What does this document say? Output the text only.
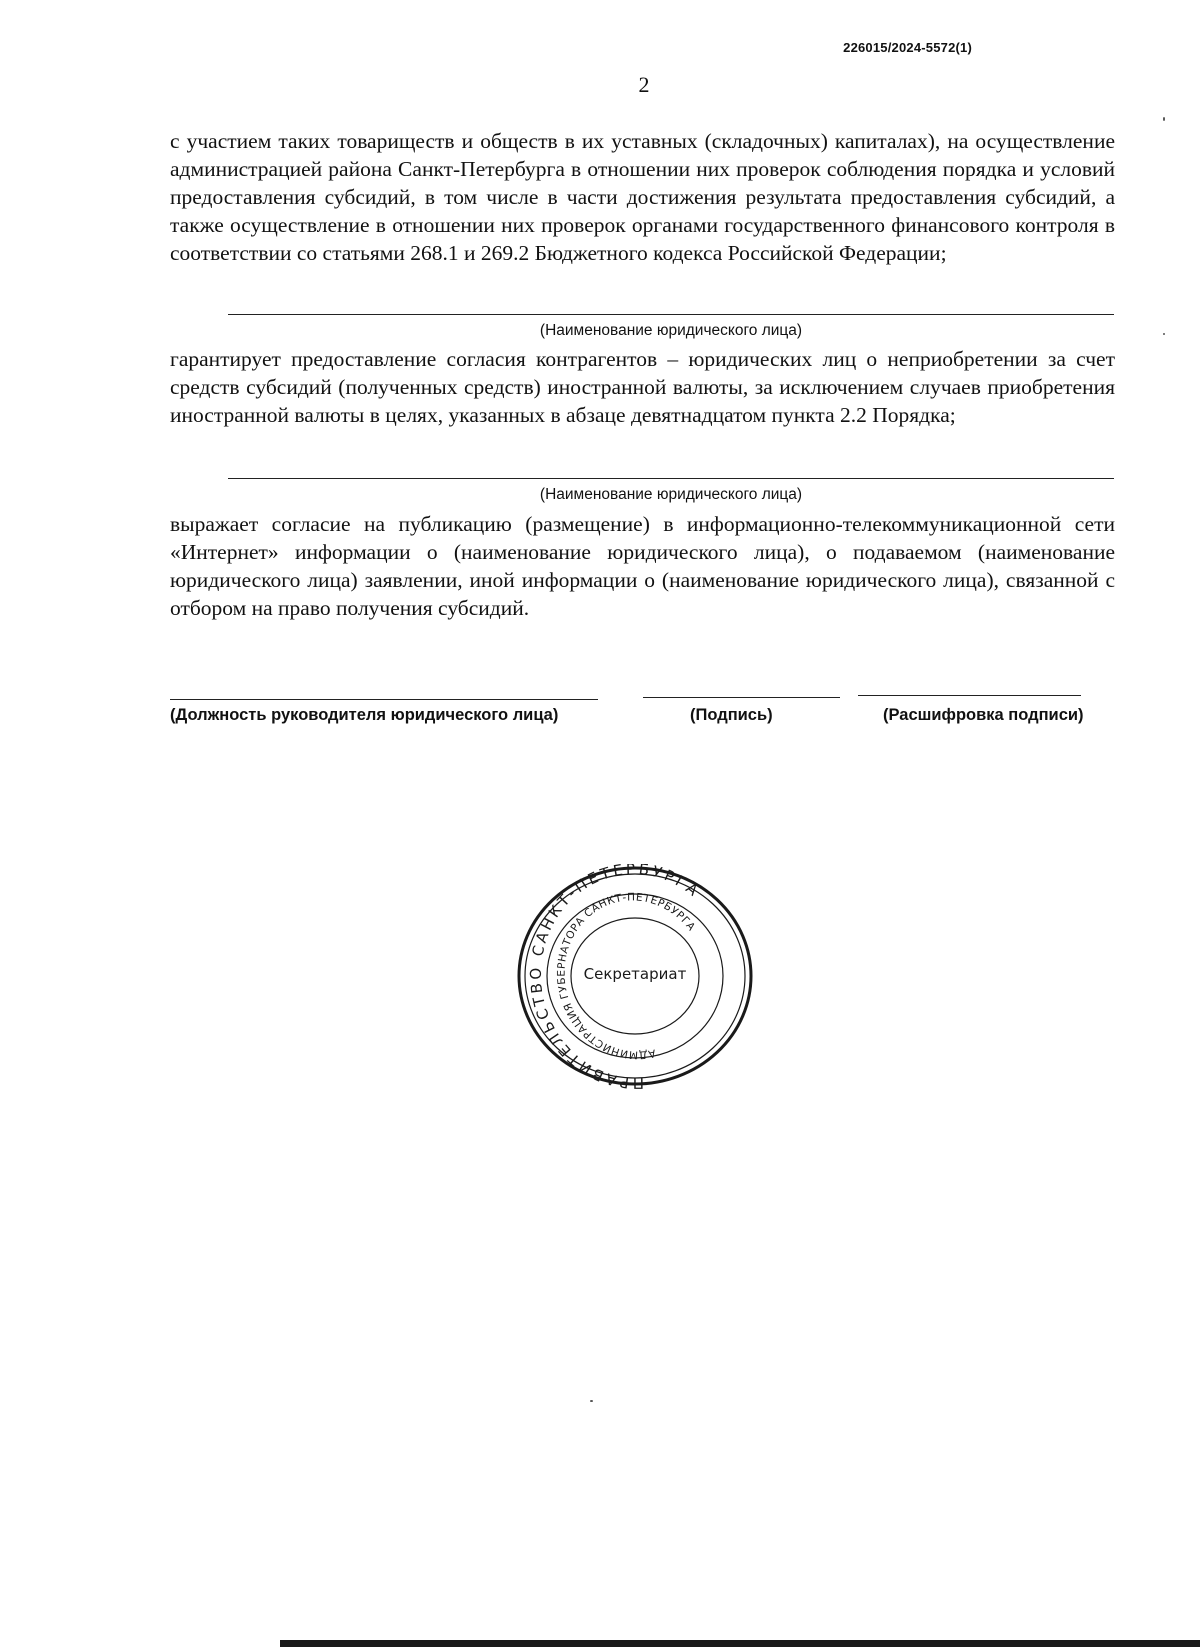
226015/2024-5572(1)
2

с участием таких товариществ и обществ в их уставных (складочных) капиталах), на осуществление администрацией района Санкт-Петербурга в отношении них проверок соблюдения порядка и условий предоставления субсидий, в том числе в части достижения результата предоставления субсидий, а также осуществление в отношении них проверок органами государственного финансового контроля в соответствии со статьями 268.1 и 269.2 Бюджетного кодекса Российской Федерации;

(Наименование юридического лица)

гарантирует предоставление согласия контрагентов – юридических лиц о неприобретении за счет средств субсидий (полученных средств) иностранной валюты, за исключением случаев приобретения иностранной валюты в целях, указанных в абзаце девятнадцатом пункта 2.2 Порядка;

(Наименование юридического лица)

выражает согласие на публикацию (размещение) в информационно-телекоммуникационной сети «Интернет» информации о (наименование юридического лица), о подаваемом (наименование юридического лица) заявлении, иной информации о (наименование юридического лица), связанной с отбором на право получения субсидий.

(Должность руководителя юридического лица)	(Подпись)	(Расшифровка подписи)
ПРАВИТЕЛЬСТВО САНКТ-ПЕТЕРБУРГА
АДМИНИСТРАЦИЯ ГУБЕРНАТОРА САНКТ-ПЕТЕРБУРГА
Секретариат
